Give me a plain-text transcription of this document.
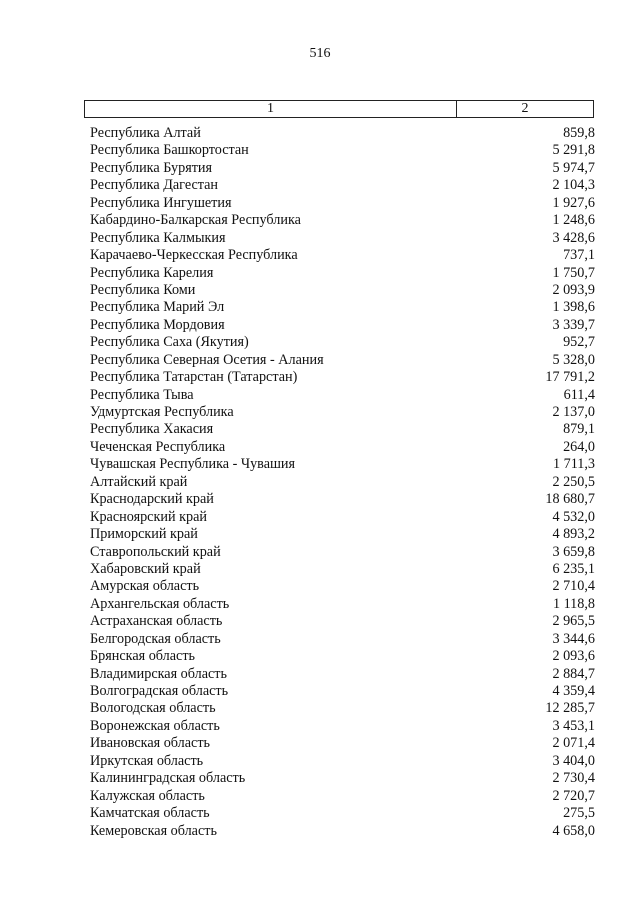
516
1	2
Республика Алтай	859,8
Республика Башкортостан	5 291,8
Республика Бурятия	5 974,7
Республика Дагестан	2 104,3
Республика Ингушетия	1 927,6
Кабардино-Балкарская Республика	1 248,6
Республика Калмыкия	3 428,6
Карачаево-Черкесская Республика	737,1
Республика Карелия	1 750,7
Республика Коми	2 093,9
Республика Марий Эл	1 398,6
Республика Мордовия	3 339,7
Республика Саха (Якутия)	952,7
Республика Северная Осетия - Алания	5 328,0
Республика Татарстан (Татарстан)	17 791,2
Республика Тыва	611,4
Удмуртская Республика	2 137,0
Республика Хакасия	879,1
Чеченская Республика	264,0
Чувашская Республика - Чувашия	1 711,3
Алтайский край	2 250,5
Краснодарский край	18 680,7
Красноярский край	4 532,0
Приморский край	4 893,2
Ставропольский край	3 659,8
Хабаровский край	6 235,1
Амурская область	2 710,4
Архангельская область	1 118,8
Астраханская область	2 965,5
Белгородская область	3 344,6
Брянская область	2 093,6
Владимирская область	2 884,7
Волгоградская область	4 359,4
Вологодская область	12 285,7
Воронежская область	3 453,1
Ивановская область	2 071,4
Иркутская область	3 404,0
Калининградская область	2 730,4
Калужская область	2 720,7
Камчатская область	275,5
Кемеровская область	4 658,0
